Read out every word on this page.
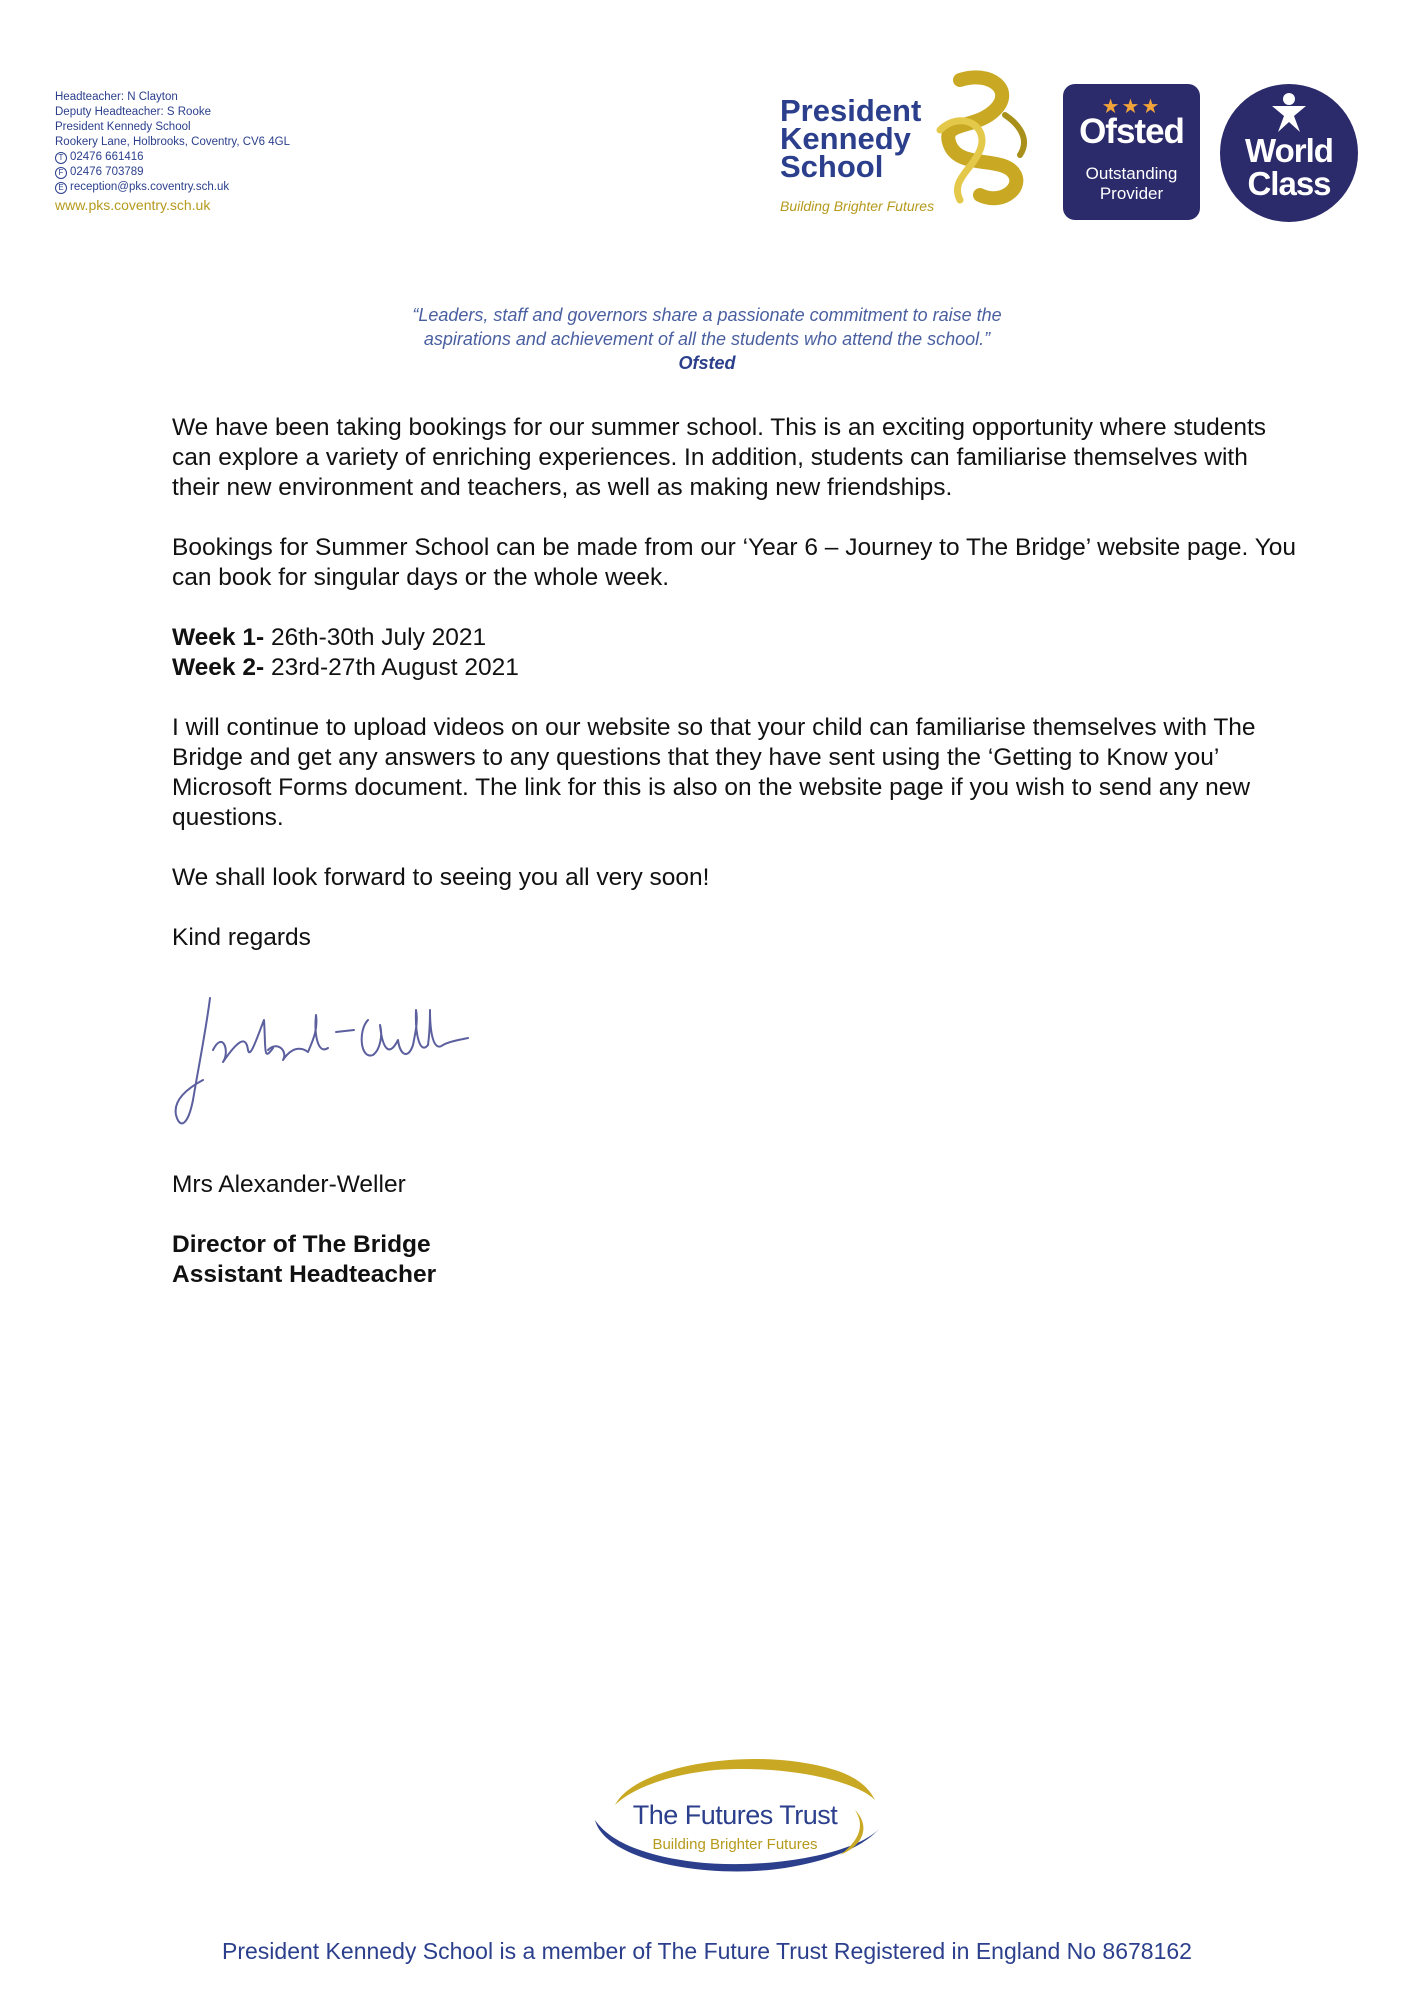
Headteacher: N Clayton
Deputy Headteacher: S Rooke
President Kennedy School
Rookery Lane, Holbrooks, Coventry, CV6 4GL
T 02476 661416
F 02476 703789
E reception@pks.coventry.sch.uk
www.pks.coventry.sch.uk
President
Kennedy
School
Building Brighter Futures
★★★
Ofsted
Outstanding
Provider
World
Class
“Leaders, staff and governors share a passionate commitment to raise the
aspirations and achievement of all the students who attend the school.”
Ofsted

We have been taking bookings for our summer school. This is an exciting opportunity where students can explore a variety of enriching experiences. In addition, students can familiarise themselves with their new environment and teachers, as well as making new friendships.

Bookings for Summer School can be made from our ‘Year 6 – Journey to The Bridge’ website page. You can book for singular days or the whole week.

Week 1- 26th-30th July 2021
Week 2- 23rd-27th August 2021

I will continue to upload videos on our website so that your child can familiarise themselves with The Bridge and get any answers to any questions that they have sent using the ‘Getting to Know you’ Microsoft Forms document. The link for this is also on the website page if you wish to send any new questions.

We shall look forward to seeing you all very soon!

Kind regards

Mrs Alexander-Weller
Director of The Bridge
Assistant Headteacher
The Futures Trust
Building Brighter Futures
President Kennedy School is a member of The Future Trust Registered in England No 8678162
